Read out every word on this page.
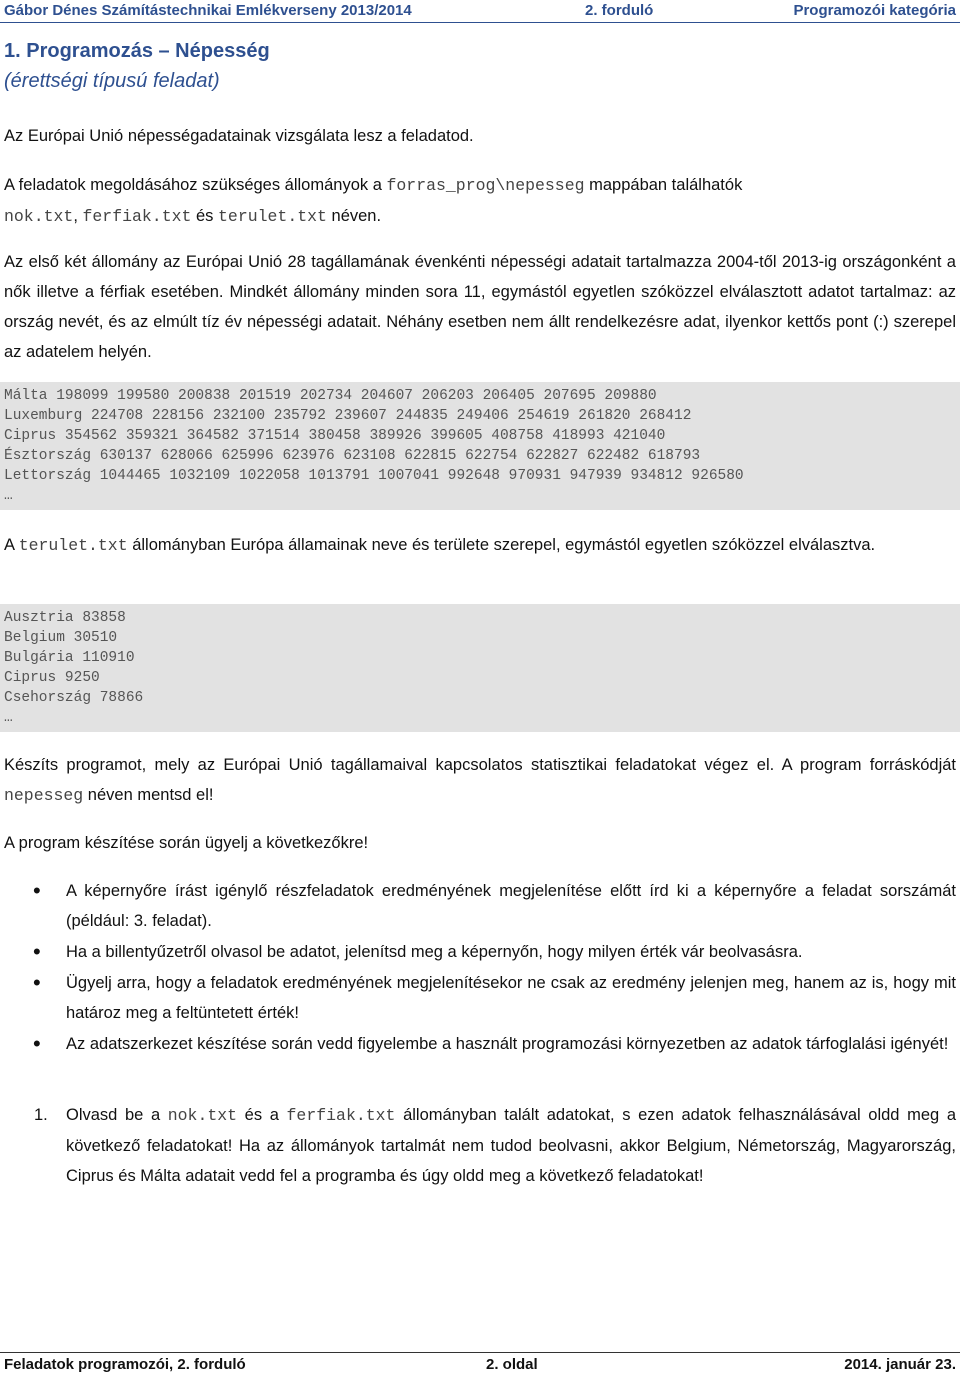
Gábor Dénes Számítástechnikai Emlékverseny 2013/2014	2. forduló	Programozói kategória
1. Programozás – Népesség
(érettségi típusú feladat)
Az Európai Unió népességadatainak vizsgálata lesz a feladatod.
A feladatok megoldásához szükséges állományok a forras_prog\nepesseg mappában találhatók
nok.txt, ferfiak.txt és terulet.txt néven.
Az első két állomány az Európai Unió 28 tagállamának évenkénti népességi adatait tartalmazza 2004-től 2013-ig országonként a nők illetve a férfiak esetében. Mindkét állomány minden sora 11, egymástól egyetlen szóközzel elválasztott adatot tartalmaz: az ország nevét, és az elmúlt tíz év népességi adatait. Néhány esetben nem állt rendelkezésre adat, ilyenkor kettős pont (:) szerepel az adatelem helyén.
Málta 198099 199580 200838 201519 202734 204607 206203 206405 207695 209880
Luxemburg 224708 228156 232100 235792 239607 244835 249406 254619 261820 268412
Ciprus 354562 359321 364582 371514 380458 389926 399605 408758 418993 421040
Észtország 630137 628066 625996 623976 623108 622815 622754 622827 622482 618793
Lettország 1044465 1032109 1022058 1013791 1007041 992648 970931 947939 934812 926580
…
A terulet.txt állományban Európa államainak neve és területe szerepel, egymástól egyetlen szóközzel elválasztva.
Ausztria 83858
Belgium 30510
Bulgária 110910
Ciprus 9250
Csehország 78866
…
Készíts programot, mely az Európai Unió tagállamaival kapcsolatos statisztikai feladatokat végez el. A program forráskódját nepesseg néven mentsd el!
A program készítése során ügyelj a következőkre!
• A képernyőre írást igénylő részfeladatok eredményének megjelenítése előtt írd ki a képernyőre a feladat sorszámát (például: 3. feladat).
• Ha a billentyűzetről olvasol be adatot, jelenítsd meg a képernyőn, hogy milyen érték vár beolvasásra.
• Ügyelj arra, hogy a feladatok eredményének megjelenítésekor ne csak az eredmény jelenjen meg, hanem az is, hogy mit határoz meg a feltüntetett érték!
• Az adatszerkezet készítése során vedd figyelembe a használt programozási környezetben az adatok tárfoglalási igényét!
1. Olvasd be a nok.txt és a ferfiak.txt állományban talált adatokat, s ezen adatok felhasználásával oldd meg a következő feladatokat! Ha az állományok tartalmát nem tudod beolvasni, akkor Belgium, Németország, Magyarország, Ciprus és Málta adatait vedd fel a programba és úgy oldd meg a következő feladatokat!
Feladatok programozói, 2. forduló	2. oldal	2014. január 23.
